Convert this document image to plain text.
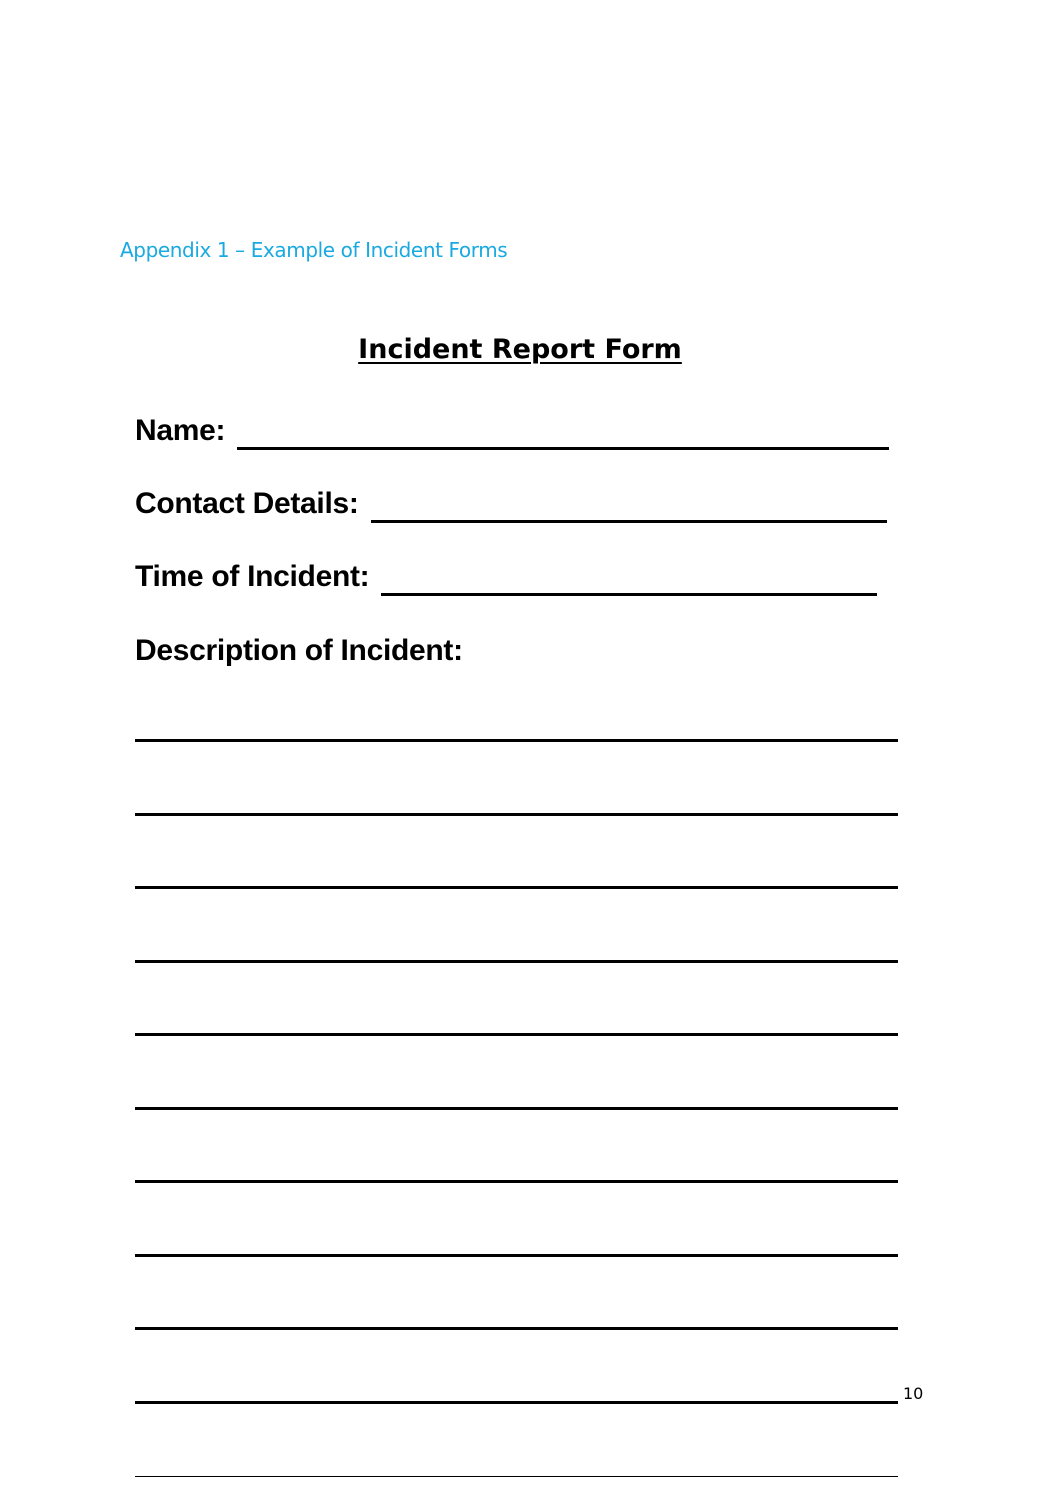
Appendix 1 – Example of Incident Forms
Incident Report Form
Name:
Contact Details:
Time of Incident:
Description of Incident:
10
